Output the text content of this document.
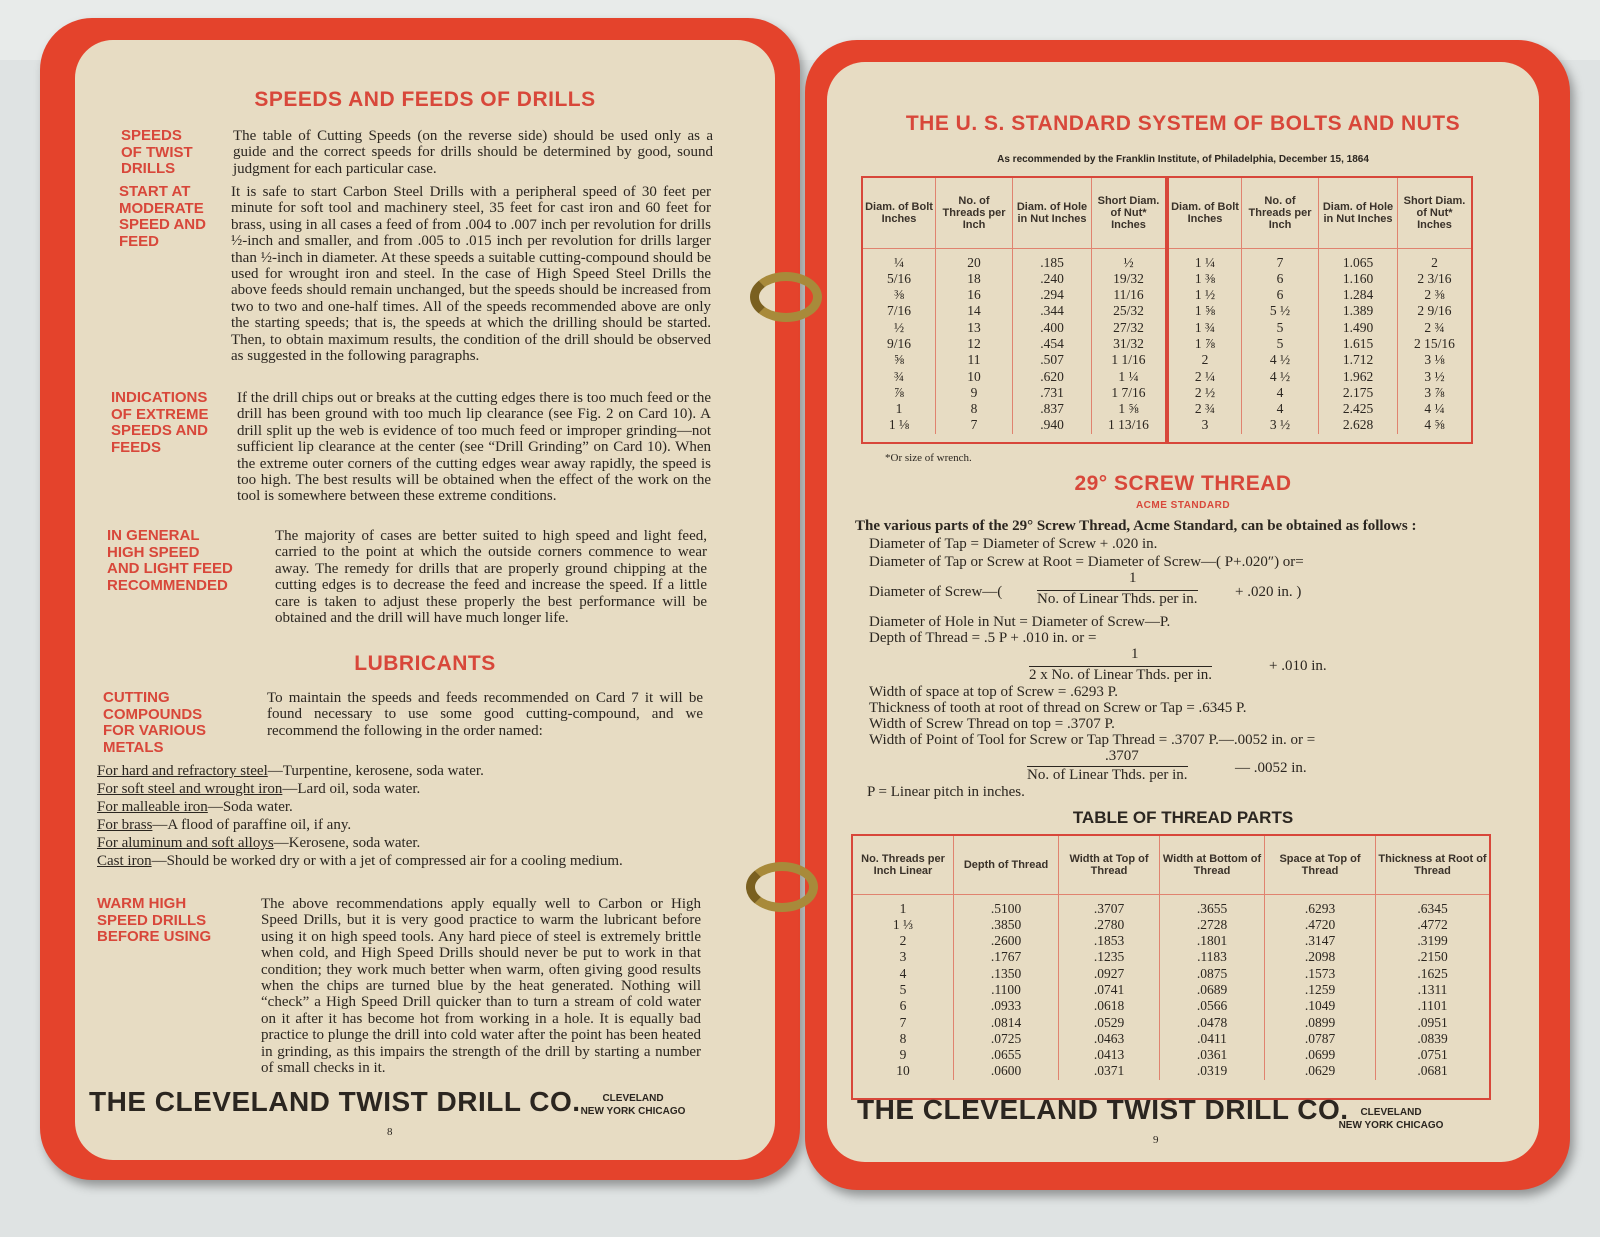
SPEEDS AND FEEDS OF DRILLS
SPEEDS
OF TWIST
DRILLS
The table of Cutting Speeds (on the reverse side) should be used only as a guide and the correct speeds for drills should be determined by good, sound judgment for each particular case.
START AT
MODERATE
SPEED AND
FEED
It is safe to start Carbon Steel Drills with a peripheral speed of 30 feet per minute for soft tool and machinery steel, 35 feet for cast iron and 60 feet for brass, using in all cases a feed of from .004 to .007 inch per revolution for drills ½-inch and smaller, and from .005 to .015 inch per revolution for drills larger than ½-inch in diameter. At these speeds a suitable cutting-compound should be used for wrought iron and steel. In the case of High Speed Steel Drills the above feeds should remain unchanged, but the speeds should be increased from two to two and one-half times. All of the speeds recommended above are only the starting speeds; that is, the speeds at which the drilling should be started. Then, to obtain maximum results, the condition of the drill should be observed as suggested in the following paragraphs.
INDICATIONS
OF EXTREME
SPEEDS AND
FEEDS
If the drill chips out or breaks at the cutting edges there is too much feed or the drill has been ground with too much lip clearance (see Fig. 2 on Card 10). A drill split up the web is evidence of too much feed or improper grinding—not sufficient lip clearance at the center (see “Drill Grinding” on Card 10). When the extreme outer corners of the cutting edges wear away rapidly, the speed is too high. The best results will be obtained when the effect of the work on the tool is somewhere between these extreme conditions.
IN GENERAL
HIGH SPEED
AND LIGHT FEED
RECOMMENDED
The majority of cases are better suited to high speed and light feed, carried to the point at which the outside corners commence to wear away. The remedy for drills that are properly ground chipping at the cutting edges is to decrease the feed and increase the speed. If a little care is taken to adjust these properly the best performance will be obtained and the drill will have much longer life.
LUBRICANTS
CUTTING
COMPOUNDS
FOR VARIOUS
METALS
To maintain the speeds and feeds recommended on Card 7 it will be found necessary to use some good cutting-compound, and we recommend the following in the order named:
For hard and refractory steel—Turpentine, kerosene, soda water.
For soft steel and wrought iron—Lard oil, soda water.
For malleable iron—Soda water.
For brass—A flood of paraffine oil, if any.
For aluminum and soft alloys—Kerosene, soda water.
Cast iron—Should be worked dry or with a jet of compressed air for a cooling medium.
WARM HIGH
SPEED DRILLS
BEFORE USING
The above recommendations apply equally well to Carbon or High Speed Drills, but it is very good practice to warm the lubricant before using it on high speed tools. Any hard piece of steel is extremely brittle when cold, and High Speed Drills should never be put to work in that condition; they work much better when warm, often giving good results when the chips are turned blue by the heat generated. Nothing will “check” a High Speed Drill quicker than to turn a stream of cold water on it after it has become hot from working in a hole. It is equally bad practice to plunge the drill into cold water after the point has been heated in grinding, as this impairs the strength of the drill by starting a number of small checks in it.
THE CLEVELAND TWIST DRILL CO.	CLEVELAND
NEW YORK CHICAGO
8
THE U. S. STANDARD SYSTEM OF BOLTS AND NUTS
As recommended by the Franklin Institute, of Philadelphia, December 15, 1864
Diam. of Bolt Inches	No. of Threads per Inch	Diam. of Hole in Nut Inches	Short Diam. of Nut* Inches
¼	20	.185	½
5/16	18	.240	19/32
⅜	16	.294	11/16
7/16	14	.344	25/32
½	13	.400	27/32
9/16	12	.454	31/32
⅝	11	.507	1 1/16
¾	10	.620	1 ¼
⅞	9	.731	1 7/16
1	8	.837	1 ⅝
1 ⅛	7	.940	1 13/16
Diam. of Bolt Inches	No. of Threads per Inch	Diam. of Hole in Nut Inches	Short Diam. of Nut* Inches
1 ¼	7	1.065	2
1 ⅜	6	1.160	2 3/16
1 ½	6	1.284	2 ⅜
1 ⅝	5 ½	1.389	2 9/16
1 ¾	5	1.490	2 ¾
1 ⅞	5	1.615	2 15/16
2	4 ½	1.712	3 ⅛
2 ¼	4 ½	1.962	3 ½
2 ½	4	2.175	3 ⅞
2 ¾	4	2.425	4 ¼
3	3 ½	2.628	4 ⅝
*Or size of wrench.
29° SCREW THREAD
ACME STANDARD
The various parts of the 29° Screw Thread, Acme Standard, can be obtained as follows :
Diameter of Tap = Diameter of Screw + .020 in.
Diameter of Tap or Screw at Root = Diameter of Screw—( P+.020″) or=
Diameter of Screw—(
1
No. of Linear Thds. per in. + .020 in. )
Diameter of Hole in Nut = Diameter of Screw—P.
Depth of Thread = .5 P + .010 in. or =
1
2 x No. of Linear Thds. per in.
+ .010 in.
Width of space at top of Screw = .6293 P.
Thickness of tooth at root of thread on Screw or Tap = .6345 P.
Width of Screw Thread on top = .3707 P.
Width of Point of Tool for Screw or Tap Thread = .3707 P.—.0052 in. or =
.3707
No. of Linear Thds. per in.	— .0052 in.
P = Linear pitch in inches.
TABLE OF THREAD PARTS
No. Threads per Inch Linear	Depth of Thread	Width at Top of Thread	Width at Bottom of Thread	Space at Top of Thread	Thickness at Root of Thread
1	.5100	.3707	.3655	.6293	.6345
1 ⅓	.3850	.2780	.2728	.4720	.4772
2	.2600	.1853	.1801	.3147	.3199
3	.1767	.1235	.1183	.2098	.2150
4	.1350	.0927	.0875	.1573	.1625
5	.1100	.0741	.0689	.1259	.1311
6	.0933	.0618	.0566	.1049	.1101
7	.0814	.0529	.0478	.0899	.0951
8	.0725	.0463	.0411	.0787	.0839
9	.0655	.0413	.0361	.0699	.0751
10	.0600	.0371	.0319	.0629	.0681
THE CLEVELAND TWIST DRILL CO.	CLEVELAND
NEW YORK CHICAGO
9
